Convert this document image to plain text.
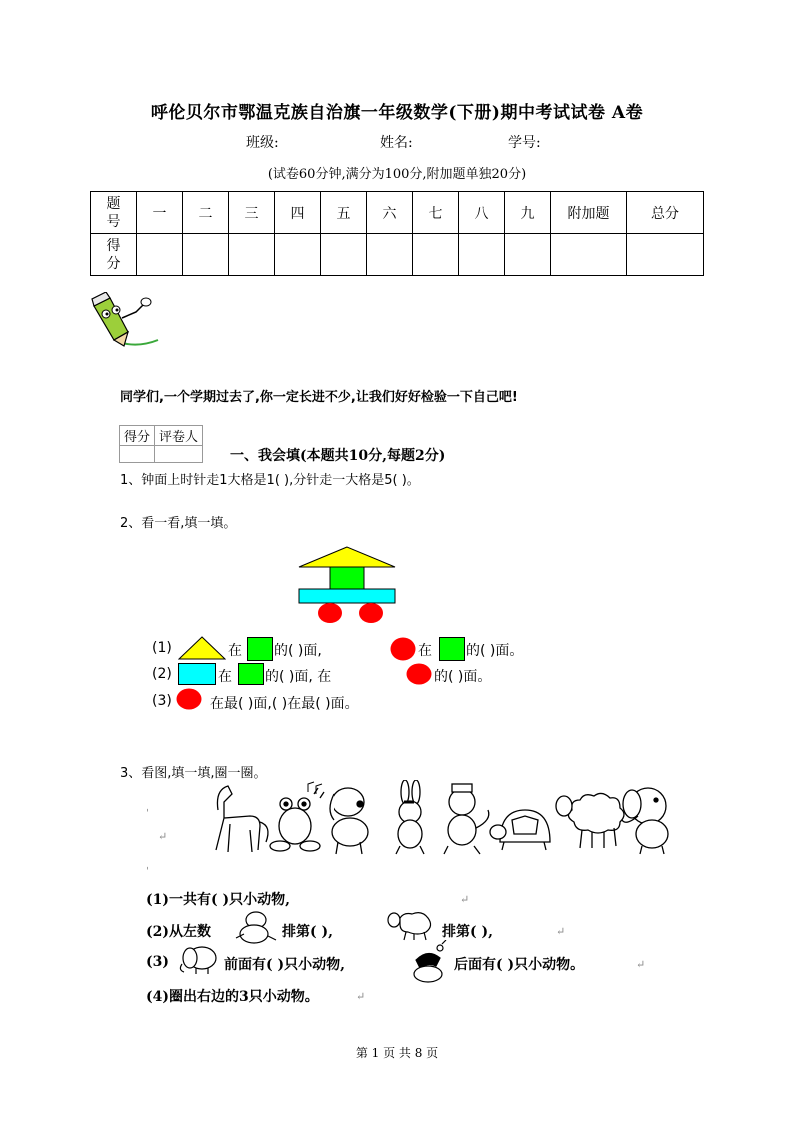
呼伦贝尔市鄂温克族自治旗一年级数学(下册)期中考试试卷 A卷
班级:	姓名:	学号:
(试卷60分钟,满分为100分,附加题单独20分)
题号	一	二	三	四	五	六	七	八	九	附加题	总分
得分											
同学们,一个学期过去了,你一定长进不少,让我们好好检验一下自己吧!
得分	评卷人

一、我会填(本题共10分,每题2分)
1、钟面上时针走1大格是1( ),分针走一大格是5( )。
2、看一看,填一填。
(1)	在 的( )面,	在 的( )面。
(2)	在 的( )面, 在	的( )面。
(3)	在最( )面,( )在最( )面。
3、看图,填一填,圈一圈。
ˌ
↵
ˌ
(1)一共有( )只小动物,	↵
(2)从左数	排第( ),	排第( ),	↵
(3)	前面有( )只小动物,	后面有( )只小动物。	↵
(4)圈出右边的3只小动物。	↵
第 1 页 共 8 页
